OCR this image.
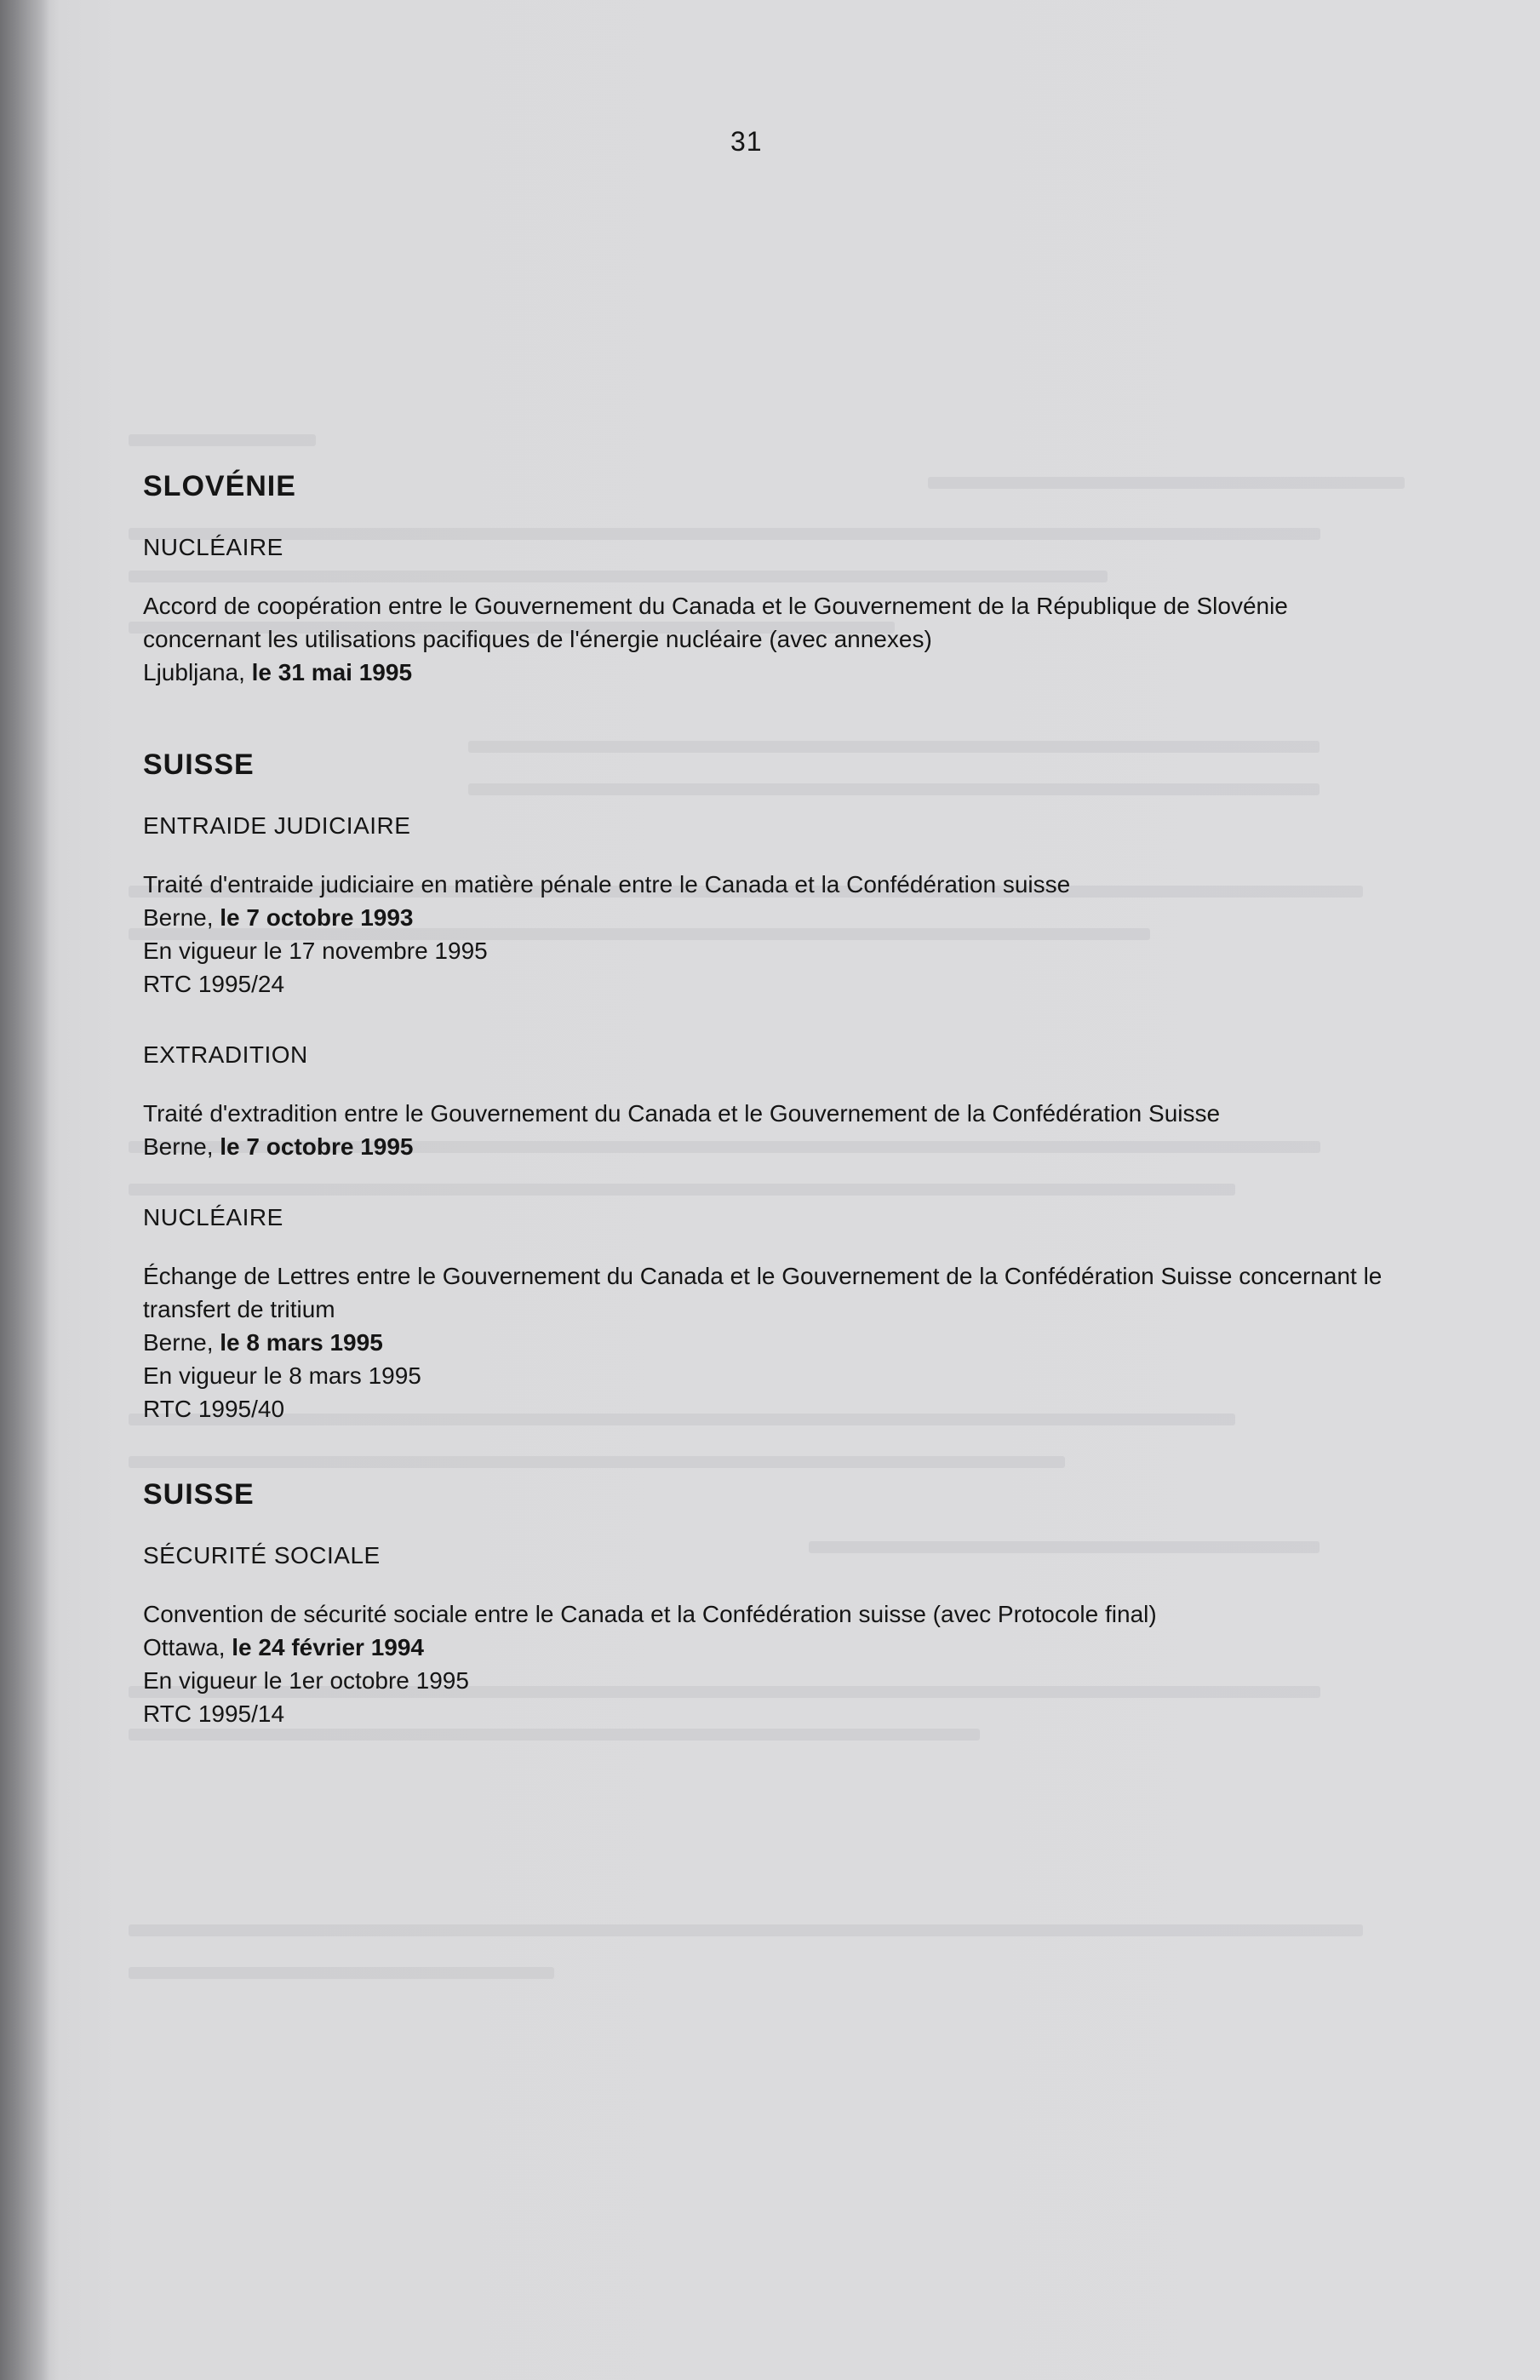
31
SLOVÉNIE
NUCLÉAIRE
Accord de coopération entre le Gouvernement du Canada et le Gouvernement de la République de Slovénie concernant les utilisations pacifiques de l'énergie nucléaire (avec annexes)
Ljubljana, le 31 mai 1995
SUISSE
ENTRAIDE JUDICIAIRE
Traité d'entraide judiciaire en matière pénale entre le Canada et la Confédération suisse
Berne, le 7 octobre 1993
En vigueur le 17 novembre 1995
RTC 1995/24
EXTRADITION
Traité d'extradition entre le Gouvernement du Canada et le Gouvernement de la Confédération Suisse
Berne, le 7 octobre 1995
NUCLÉAIRE
Échange de Lettres entre le Gouvernement du Canada et le Gouvernement de la Confédération Suisse concernant le transfert de tritium
Berne, le 8 mars 1995
En vigueur le 8 mars 1995
RTC 1995/40
SUISSE
SÉCURITÉ SOCIALE
Convention de sécurité sociale entre le Canada et la Confédération suisse (avec Protocole final)
Ottawa, le 24 février 1994
En vigueur le 1er octobre 1995
RTC 1995/14
